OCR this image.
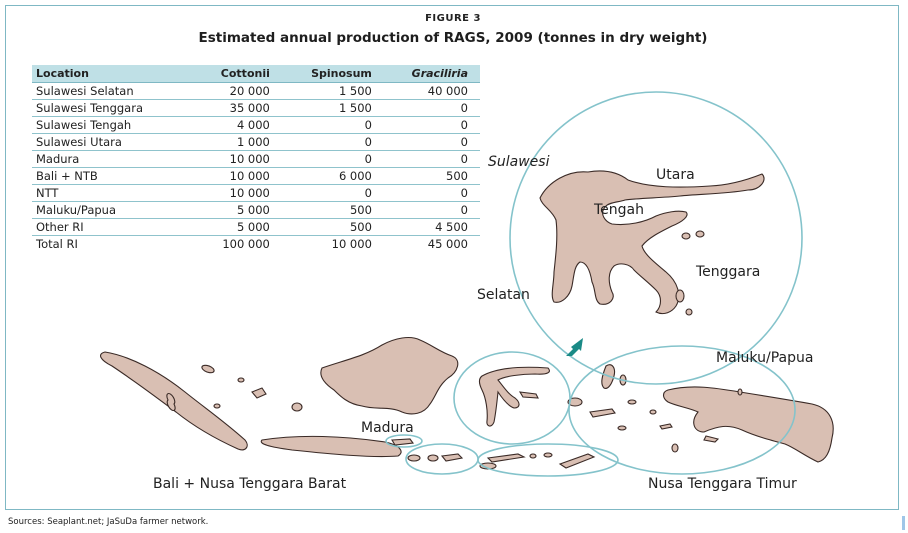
FIGURE 3
Estimated annual production of RAGS, 2009 (tonnes in dry weight)
Location	Cottonii	Spinosum	Graciliria
Sulawesi Selatan	20 000	1 500	40 000
Sulawesi Tenggara	35 000	1 500	0
Sulawesi Tengah	4 000	0	0
Sulawesi Utara	1 000	0	0
Madura	10 000	0	0
Bali + NTB	10 000	6 000	500
NTT	10 000	0	0
Maluku/Papua	5 000	500	0
Other RI	5 000	500	4 500
Total RI	100 000	10 000	45 000
Sulawesi
Utara
Tengah
Tenggara
Selatan
Maluku/Papua
Madura
Bali + Nusa Tenggara Barat	Nusa Tenggara Timur
Sources: Seaplant.net; JaSuDa farmer network.
